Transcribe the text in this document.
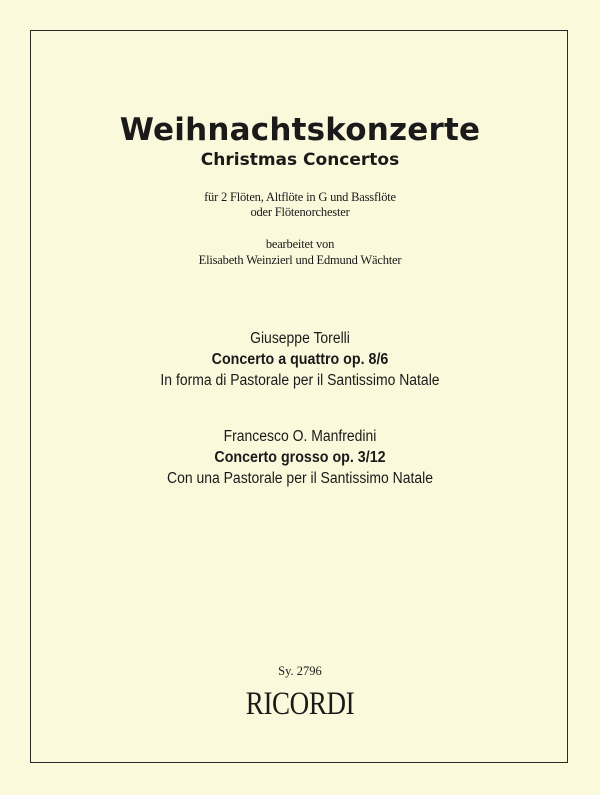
Weihnachtskonzerte
Christmas Concertos
für 2 Flöten, Altflöte in G und Bassflöte
oder Flötenorchester
bearbeitet von
Elisabeth Weinzierl und Edmund Wächter
Giuseppe Torelli
Concerto a quattro op. 8/6
In forma di Pastorale per il Santissimo Natale
Francesco O. Manfredini
Concerto grosso op. 3/12
Con una Pastorale per il Santissimo Natale
Sy. 2796
RICORDI
